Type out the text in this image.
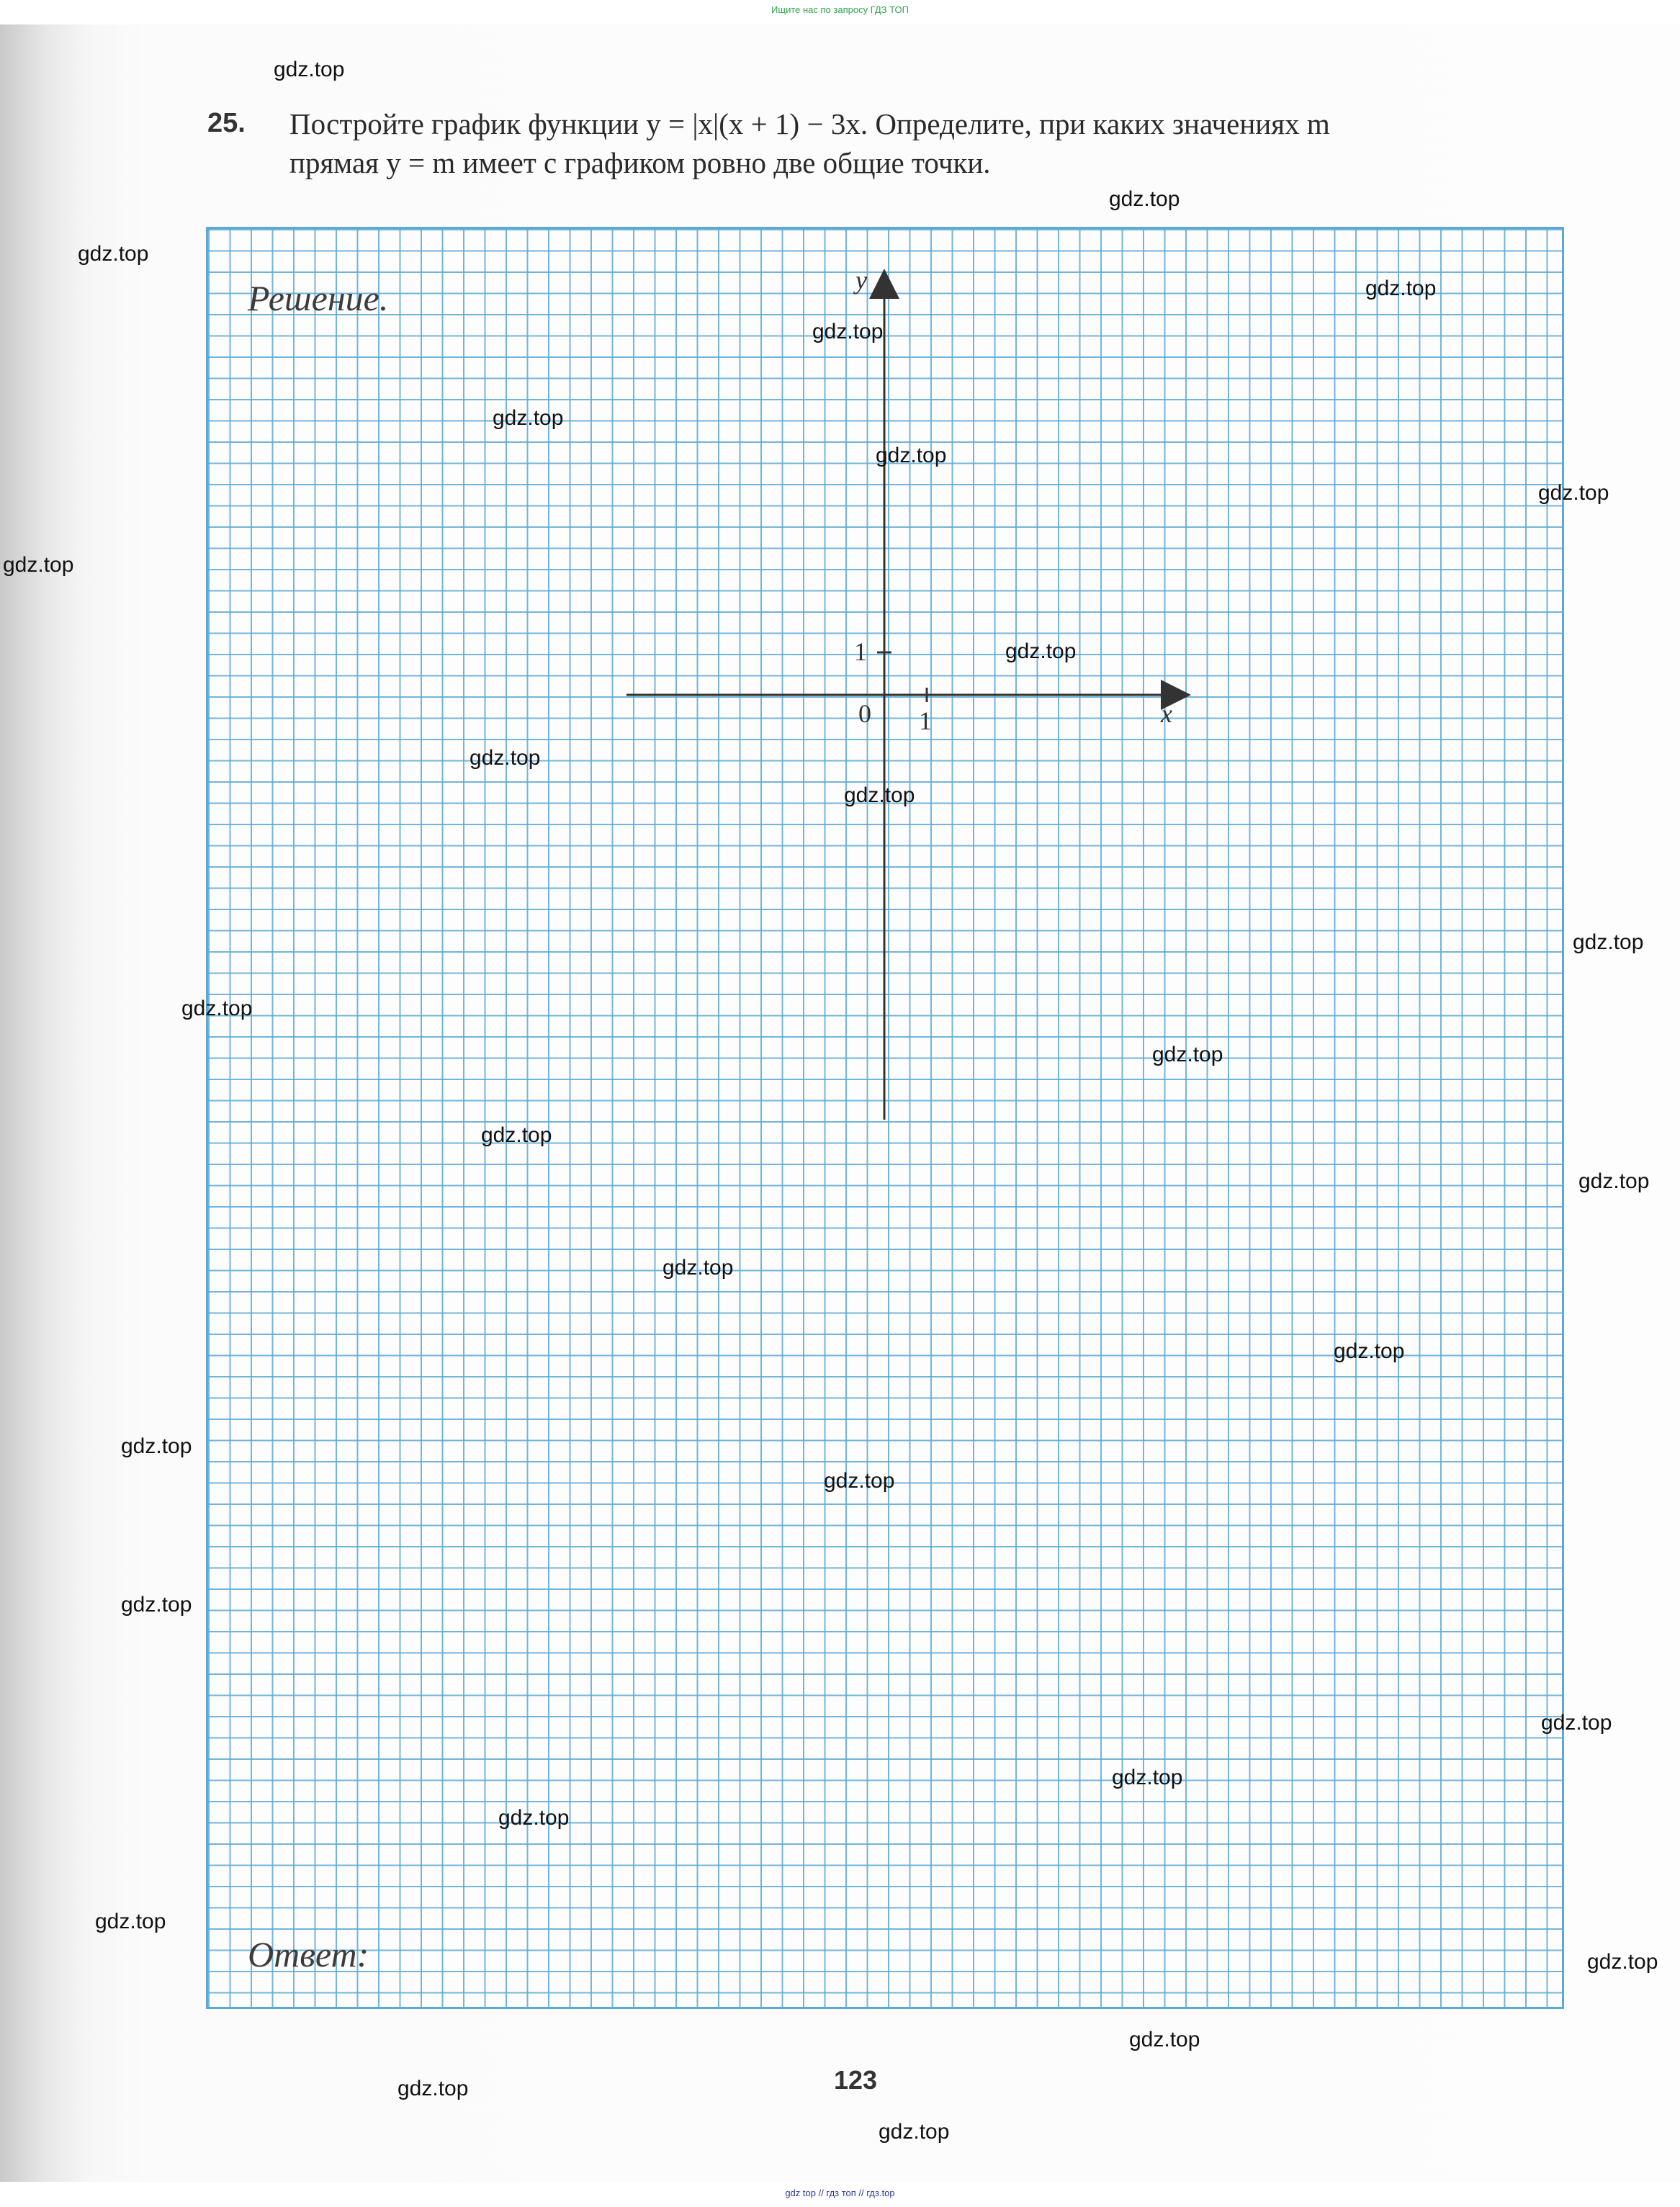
Ищите нас по запросу ГДЗ ТОП
25. Постройте график функции y = |x|(x + 1) − 3x. Определите, при каких значениях m
прямая y = m имеет с графиком ровно две общие точки.
Решение.
Ответ:
x
y
0 1
1
123
gdz top // гдз топ // гдз.top
gdz.top
gdz.top
gdz.top
gdz.top
gdz.top
gdz.top
gdz.top
gdz.top
gdz.top
gdz.top
gdz.top
gdz.top
gdz.top
gdz.top
gdz.top
gdz.top
gdz.top
gdz.top
gdz.top
gdz.top
gdz.top
gdz.top
gdz.top
gdz.top
gdz.top
gdz.top
gdz.top
gdz.top
gdz.top
gdz.top
